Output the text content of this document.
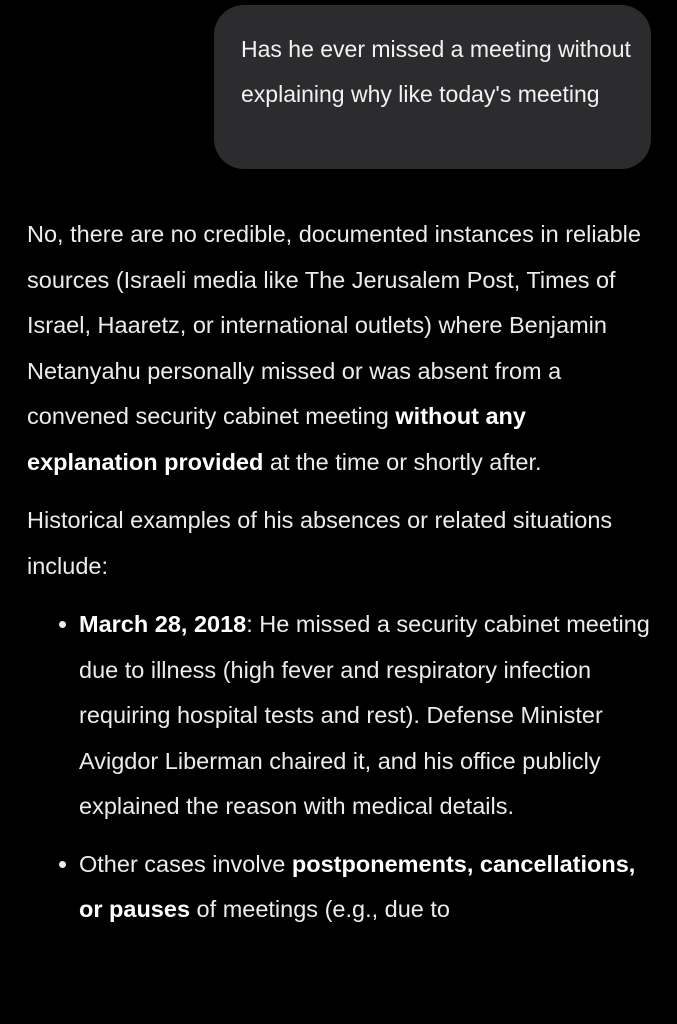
Has he ever missed a meeting without explaining why like today's meeting

No, there are no credible, documented instances in reliable sources (Israeli media like The Jerusalem Post, Times of Israel, Haaretz, or international outlets) where Benjamin Netanyahu personally missed or was absent from a convened security cabinet meeting without any explanation provided at the time or shortly after.

Historical examples of his absences or related situations include:

March 28, 2018: He missed a security cabinet meeting due to illness (high fever and respiratory infection requiring hospital tests and rest). Defense Minister Avigdor Liberman chaired it, and his office publicly explained the reason with medical details.
Other cases involve postponements, cancellations, or pauses of meetings (e.g., due to
